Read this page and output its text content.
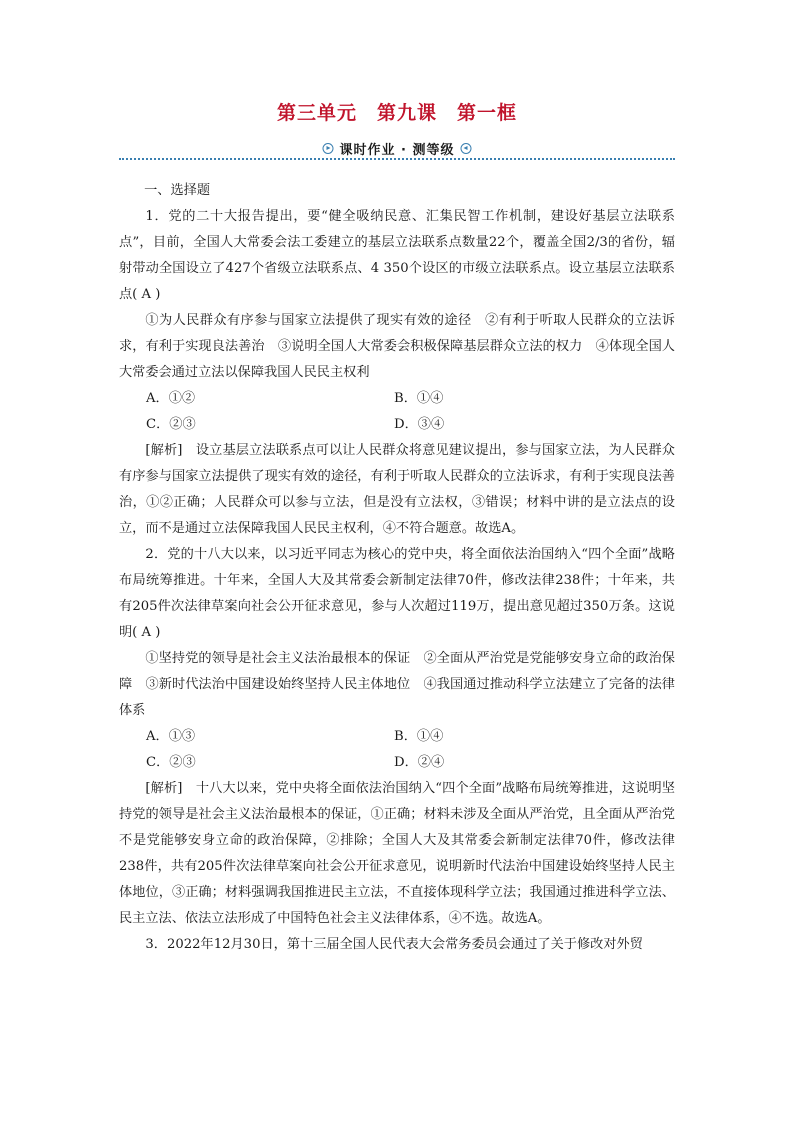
第三单元　第九课　第一框
课时作业 · 测等级

一、选择题

1．党的二十大报告提出，要“健全吸纳民意、汇集民智工作机制，建设好基层立法联系点”，目前，全国人大常委会法工委建立的基层立法联系点数量22个，覆盖全国2/3的省份，辐射带动全国设立了427个省级立法联系点、4 350个设区的市级立法联系点。设立基层立法联系点( A )

①为人民群众有序参与国家立法提供了现实有效的途径　②有利于听取人民群众的立法诉求，有利于实现良法善治　③说明全国人大常委会积极保障基层群众立法的权力　④体现全国人大常委会通过立法以保障我国人民民主权利

A．①②	B．①④
C．②③	D．③④

[解析]　设立基层立法联系点可以让人民群众将意见建议提出，参与国家立法，为人民群众有序参与国家立法提供了现实有效的途径，有利于听取人民群众的立法诉求，有利于实现良法善治，①②正确；人民群众可以参与立法，但是没有立法权，③错误；材料中讲的是立法点的设立，而不是通过立法保障我国人民民主权利，④不符合题意。故选A。

2．党的十八大以来，以习近平同志为核心的党中央，将全面依法治国纳入“四个全面”战略布局统筹推进。十年来，全国人大及其常委会新制定法律70件，修改法律238件；十年来，共有205件次法律草案向社会公开征求意见，参与人次超过119万，提出意见超过350万条。这说明( A )

①坚持党的领导是社会主义法治最根本的保证　②全面从严治党是党能够安身立命的政治保障　③新时代法治中国建设始终坚持人民主体地位　④我国通过推动科学立法建立了完备的法律体系

A．①③	B．①④
C．②③	D．②④

[解析]　十八大以来，党中央将全面依法治国纳入“四个全面”战略布局统筹推进，这说明坚持党的领导是社会主义法治最根本的保证，①正确；材料未涉及全面从严治党，且全面从严治党不是党能够安身立命的政治保障，②排除；全国人大及其常委会新制定法律70件，修改法律238件，共有205件次法律草案向社会公开征求意见，说明新时代法治中国建设始终坚持人民主体地位，③正确；材料强调我国推进民主立法，不直接体现科学立法；我国通过推进科学立法、民主立法、依法立法形成了中国特色社会主义法律体系，④不选。故选A。

3．2022年12月30日，第十三届全国人民代表大会常务委员会通过了关于修改对外贸
